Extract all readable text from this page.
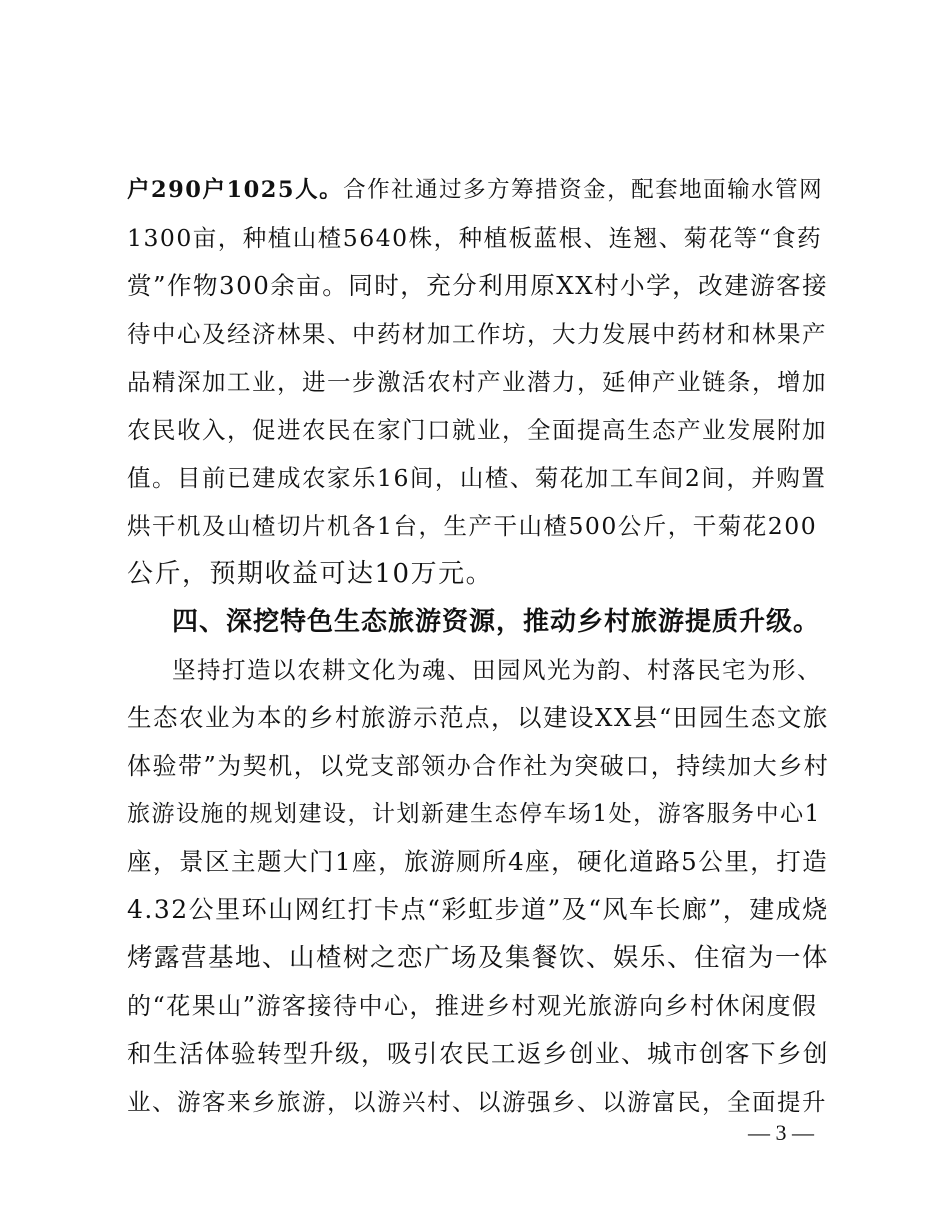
户290户1025人。合作社通过多方筹措资金，配套地面输水管网
1300亩，种植山楂5640株，种植板蓝根、连翘、菊花等“食药
赏”作物300余亩。同时，充分利用原XX村小学，改建游客接
待中心及经济林果、中药材加工作坊，大力发展中药材和林果产
品精深加工业，进一步激活农村产业潜力，延伸产业链条，增加
农民收入，促进农民在家门口就业，全面提高生态产业发展附加
值。目前已建成农家乐16间，山楂、菊花加工车间2间，并购置
烘干机及山楂切片机各1台，生产干山楂500公斤，干菊花200
公斤，预期收益可达10万元。
四、深挖特色生态旅游资源，推动乡村旅游提质升级。
坚持打造以农耕文化为魂、田园风光为韵、村落民宅为形、
生态农业为本的乡村旅游示范点，以建设XX县“田园生态文旅
体验带”为契机，以党支部领办合作社为突破口，持续加大乡村
旅游设施的规划建设，计划新建生态停车场1处，游客服务中心1
座，景区主题大门1座，旅游厕所4座，硬化道路5公里，打造
4.32公里环山网红打卡点“彩虹步道”及“风车长廊”，建成烧
烤露营基地、山楂树之恋广场及集餐饮、娱乐、住宿为一体
的“花果山”游客接待中心，推进乡村观光旅游向乡村休闲度假
和生活体验转型升级，吸引农民工返乡创业、城市创客下乡创
业、游客来乡旅游，以游兴村、以游强乡、以游富民，全面提升
— 3 —
